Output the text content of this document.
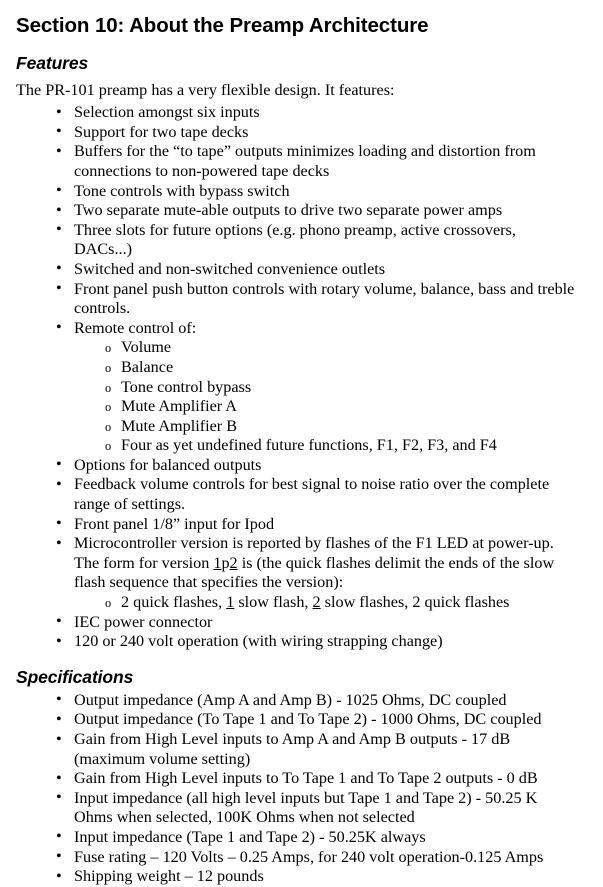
Section 10: About the Preamp Architecture
Features

The PR-101 preamp has a very flexible design. It features:

• Selection amongst six inputs
• Support for two tape decks
• Buffers for the “to tape” outputs minimizes loading and distortion from connections to non-powered tape decks
• Tone controls with bypass switch
• Two separate mute-able outputs to drive two separate power amps
• Three slots for future options (e.g. phono preamp, active crossovers, DACs...)
• Switched and non-switched convenience outlets
• Front panel push button controls with rotary volume, balance, bass and treble controls.
• Remote control of:
o Volume
o Balance
o Tone control bypass
o Mute Amplifier A
o Mute Amplifier B
o Four as yet undefined future functions, F1, F2, F3, and F4
• Options for balanced outputs
• Feedback volume controls for best signal to noise ratio over the complete range of settings.
• Front panel 1/8” input for Ipod
• Microcontroller version is reported by flashes of the F1 LED at power-up. The form for version 1p2 is (the quick flashes delimit the ends of the slow flash sequence that specifies the version):
o 2 quick flashes, 1 slow flash, 2 slow flashes, 2 quick flashes
• IEC power connector
• 120 or 240 volt operation (with wiring strapping change)
Specifications
• Output impedance (Amp A and Amp B) - 1025 Ohms, DC coupled
• Output impedance (To Tape 1 and To Tape 2) - 1000 Ohms, DC coupled
• Gain from High Level inputs to Amp A and Amp B outputs - 17 dB (maximum volume setting)
• Gain from High Level inputs to To Tape 1 and To Tape 2 outputs - 0 dB
• Input impedance (all high level inputs but Tape 1 and Tape 2) - 50.25 K Ohms when selected, 100K Ohms when not selected
• Input impedance (Tape 1 and Tape 2) - 50.25K always
• Fuse rating – 120 Volts – 0.25 Amps, for 240 volt operation-0.125 Amps
• Shipping weight – 12 pounds
